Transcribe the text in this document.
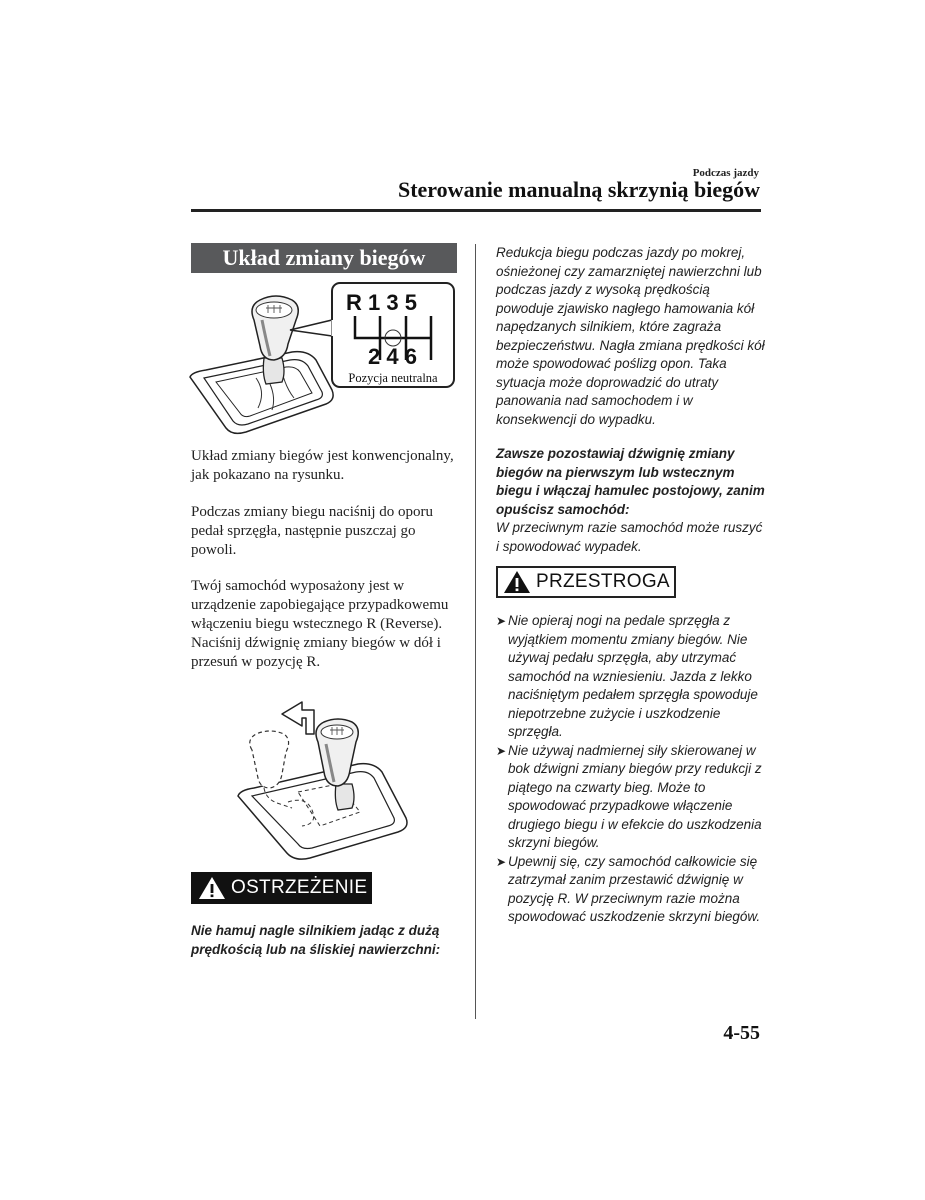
Podczas jazdy
Sterowanie manualną skrzynią biegów
Układ zmiany biegów
R 1 3 5
2 4 6
Pozycja neutralna
Układ zmiany biegów jest konwencjonalny, jak pokazano na rysunku.
Podczas zmiany biegu naciśnij do oporu pedał sprzęgła, następnie puszczaj go powoli.
Twój samochód wyposażony jest w urządzenie zapobiegające przypadkowemu włączeniu biegu wstecznego R (Reverse). Naciśnij dźwignię zmiany biegów w dół i przesuń w pozycję R.
OSTRZEŻENIE
Nie hamuj nagle silnikiem jadąc z dużą prędkością lub na śliskiej nawierzchni:
Redukcja biegu podczas jazdy po mokrej, ośnieżonej czy zamarzniętej nawierzchni lub podczas jazdy z wysoką prędkością powoduje zjawisko nagłego hamowania kół napędzanych silnikiem, które zagraża bezpieczeństwu. Nagła zmiana prędkości kół może spowodować poślizg opon. Taka sytuacja może doprowadzić do utraty panowania nad samochodem i w konsekwencji do wypadku.
Zawsze pozostawiaj dźwignię zmiany biegów na pierwszym lub wstecznym biegu i włączaj hamulec postojowy, zanim opuścisz samochód:
W przeciwnym razie samochód może ruszyć i spowodować wypadek.
PRZESTROGA
➤ Nie opieraj nogi na pedale sprzęgła z wyjątkiem momentu zmiany biegów. Nie używaj pedału sprzęgła, aby utrzymać samochód na wzniesieniu. Jazda z lekko naciśniętym pedałem sprzęgła spowoduje niepotrzebne zużycie i uszkodzenie sprzęgła.
➤ Nie używaj nadmiernej siły skierowanej w bok dźwigni zmiany biegów przy redukcji z piątego na czwarty bieg. Może to spowodować przypadkowe włączenie drugiego biegu i w efekcie do uszkodzenia skrzyni biegów.
➤ Upewnij się, czy samochód całkowicie się zatrzymał zanim przestawić dźwignię w pozycję R. W przeciwnym razie można spowodować uszkodzenie skrzyni biegów.
4-55
